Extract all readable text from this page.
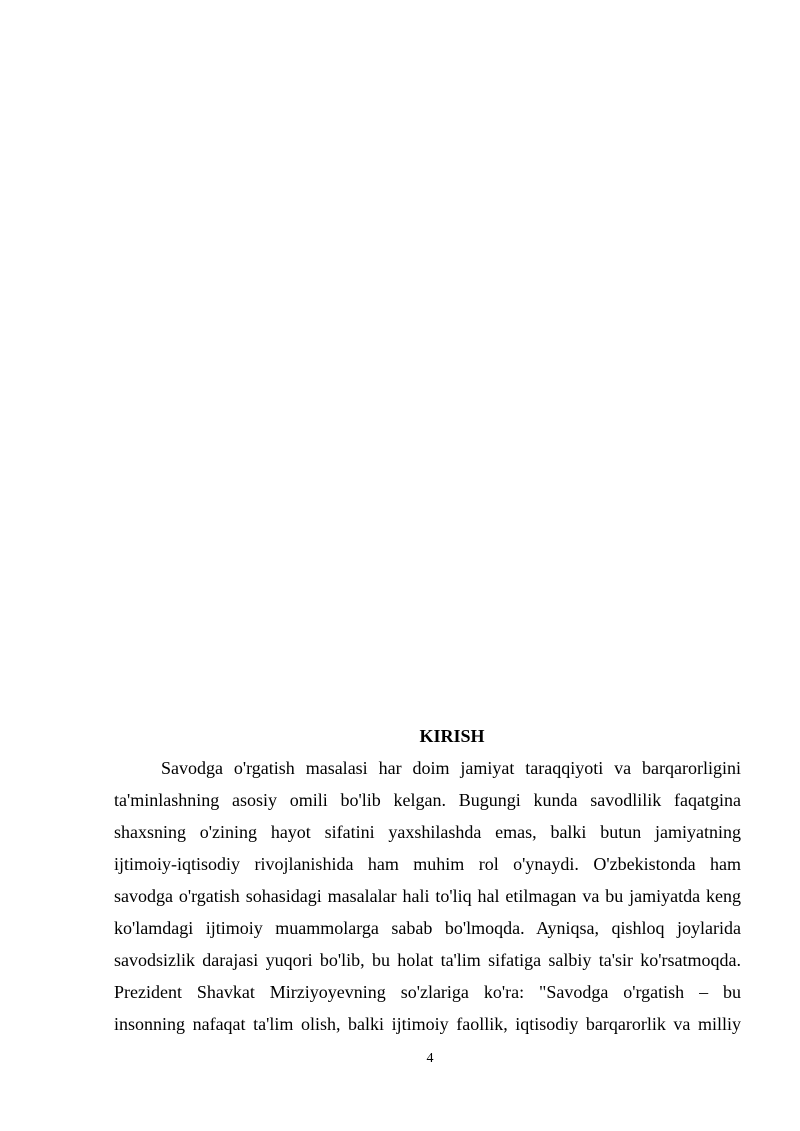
KIRISH

Savodga o'rgatish masalasi har doim jamiyat taraqqiyoti va barqarorligini

ta'minlashning asosiy omili bo'lib kelgan. Bugungi kunda savodlilik faqatgina

shaxsning o'zining hayot sifatini yaxshilashda emas, balki butun jamiyatning

ijtimoiy-iqtisodiy rivojlanishida ham muhim rol o'ynaydi. O'zbekistonda ham

savodga o'rgatish sohasidagi masalalar hali to'liq hal etilmagan va bu jamiyatda keng

ko'lamdagi ijtimoiy muammolarga sabab bo'lmoqda. Ayniqsa, qishloq joylarida

savodsizlik darajasi yuqori bo'lib, bu holat ta'lim sifatiga salbiy ta'sir ko'rsatmoqda.

Prezident Shavkat Mirziyoyevning so'zlariga ko'ra: "Savodga o'rgatish – bu

insonning nafaqat ta'lim olish, balki ijtimoiy faollik, iqtisodiy barqarorlik va milliy

4
